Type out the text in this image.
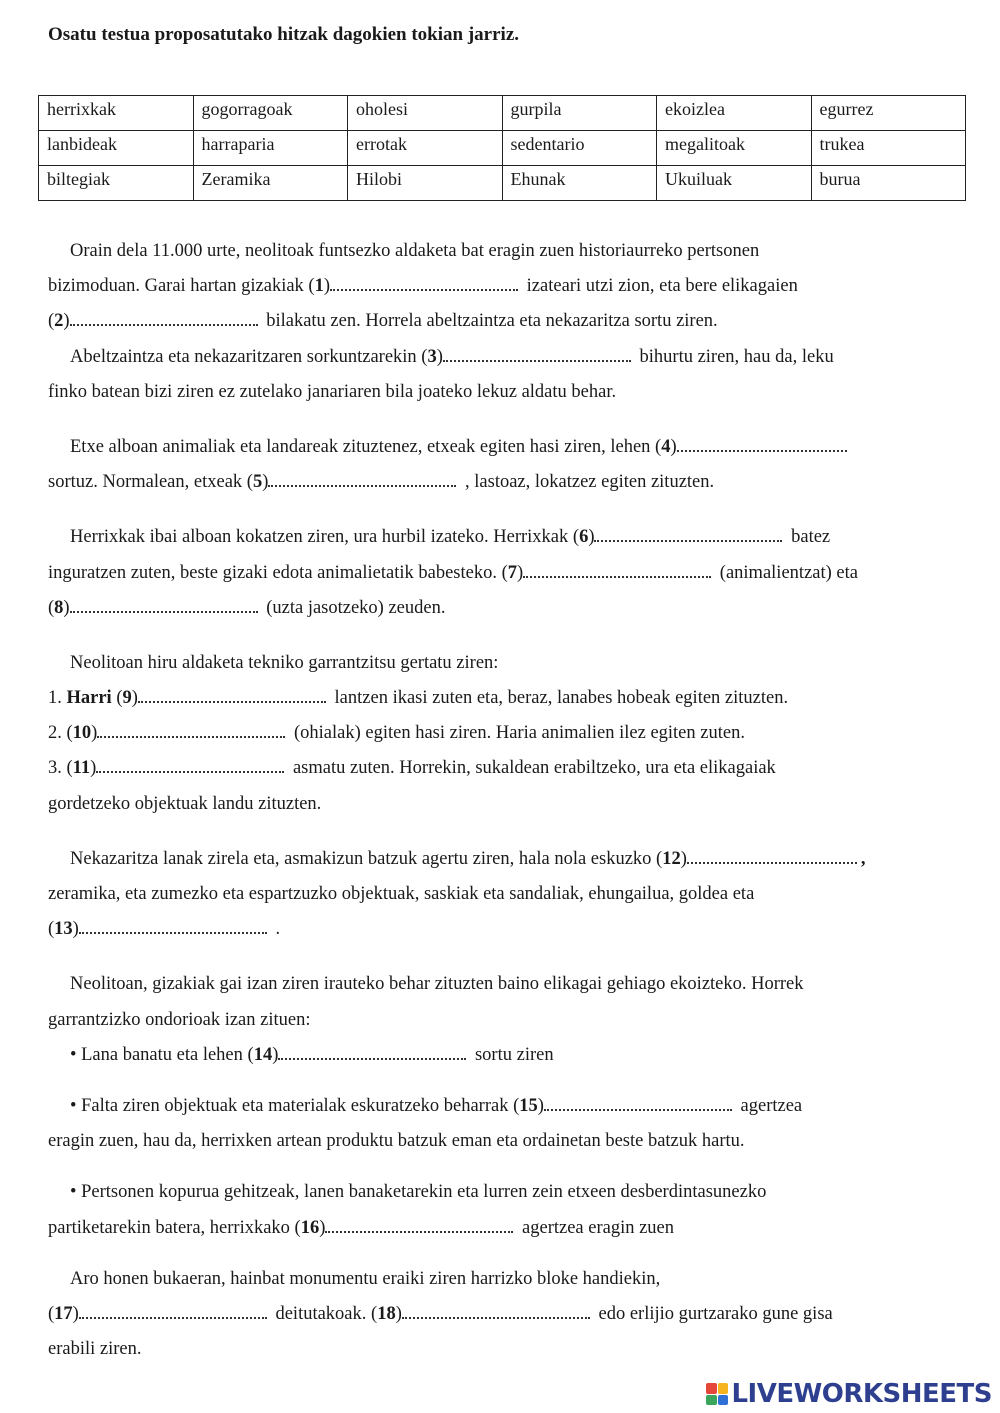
Osatu testua proposatutako hitzak dagokien tokian jarriz.
herrixkak	gogorragoak	oholesi	gurpila	ekoizlea	egurrez
lanbideak	harraparia	errotak	sedentario	megalitoak	trukea
biltegiak	Zeramika	Hilobi	Ehunak	Ukuiluak	burua
Orain dela 11.000 urte, neolitoak funtsezko aldaketa bat eragin zuen historiaurreko pertsonen
bizimoduan. Garai hartan gizakiak (1)	izateari utzi zion, eta bere elikagaien
(2)	bilakatu zen. Horrela abeltzaintza eta nekazaritza sortu ziren.
Abeltzaintza eta nekazaritzaren sorkuntzarekin (3)	bihurtu ziren, hau da, leku
finko batean bizi ziren ez zutelako janariaren bila joateko lekuz aldatu behar.
Etxe alboan animaliak eta landareak zituztenez, etxeak egiten hasi ziren, lehen (4)
sortuz. Normalean, etxeak (5)	, lastoaz, lokatzez egiten zituzten.
Herrixkak ibai alboan kokatzen ziren, ura hurbil izateko. Herrixkak (6)	batez
inguratzen zuten, beste gizaki edota animalietatik babesteko. (7)	(animalientzat) eta
(8)	(uzta jasotzeko) zeuden.
Neolitoan hiru aldaketa tekniko garrantzitsu gertatu ziren:
1. Harri (9)	lantzen ikasi zuten eta, beraz, lanabes hobeak egiten zituzten.
2. (10)	(ohialak) egiten hasi ziren. Haria animalien ilez egiten zuten.
3. (11)	asmatu zuten. Horrekin, sukaldean erabiltzeko, ura eta elikagaiak
gordetzeko objektuak landu zituzten.
Nekazaritza lanak zirela eta, asmakizun batzuk agertu ziren, hala nola eskuzko (12)	,
zeramika, eta zumezko eta espartzuzko objektuak, saskiak eta sandaliak, ehungailua, goldea eta
(13)	.
Neolitoan, gizakiak gai izan ziren irauteko behar zituzten baino elikagai gehiago ekoizteko. Horrek
garrantzizko ondorioak izan zituen:
• Lana banatu eta lehen (14)	sortu ziren
• Falta ziren objektuak eta materialak eskuratzeko beharrak (15)	agertzea
eragin zuen, hau da, herrixken artean produktu batzuk eman eta ordainetan beste batzuk hartu.
• Pertsonen kopurua gehitzeak, lanen banaketarekin eta lurren zein etxeen desberdintasunezko
partiketarekin batera, herrixkako (16)	agertzea eragin zuen
Aro honen bukaeran, hainbat monumentu eraiki ziren harrizko bloke handiekin,
(17)	deitutakoak. (18)	edo erlijio gurtzarako gune gisa
erabili ziren.
LIVEWORKSHEETS
